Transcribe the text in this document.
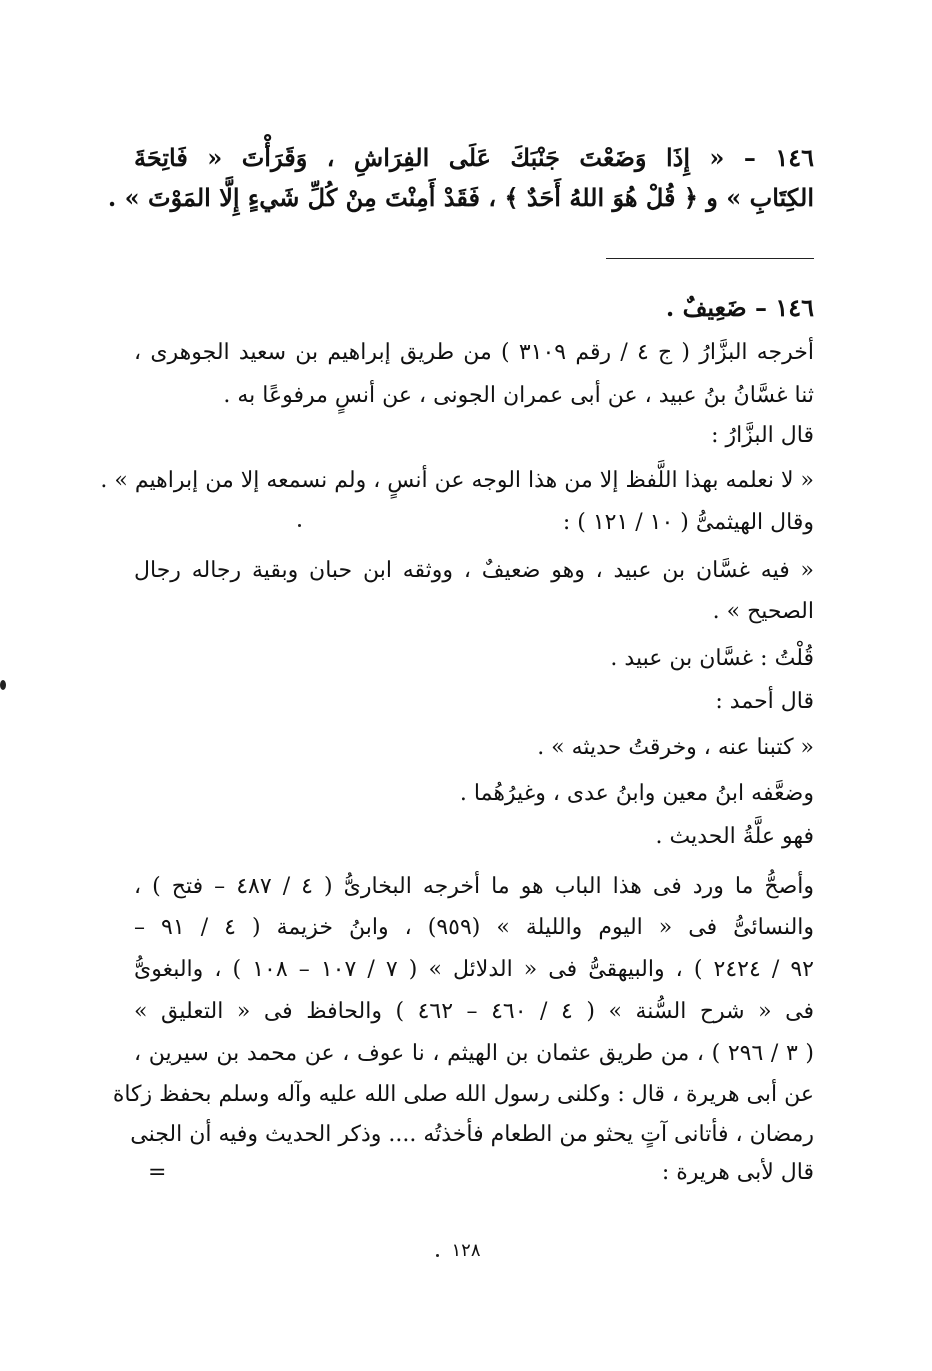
١٤٦ – « إِذَا وَضَعْتَ جَنْبَكَ عَلَى الفِرَاشِ ، وَقَرَأْتَ « فَاتِحَةَ
الكِتَابِ » و ﴿ قُلْ هُوَ اللهُ أَحَدٌ ﴾ ، فَقَدْ أَمِنْتَ مِنْ كُلِّ شَيءٍ إِلَّا المَوْتَ » .
١٤٦ – ضَعِيفٌ .
أخرجه البزَّارُ ( ج ٤ / رقم ٣١٠٩ ) من طريق إبراهيم بن سعيد الجوهرى ،
ثنا غسَّانُ بنُ عبيد ، عن أبى عمران الجونى ، عن أنسٍ مرفوعًا به .
قال البزَّارُ :
« لا نعلمه بهذا اللَّفظ إلا من هذا الوجه عن أنسٍ ، ولم نسمعه إلا من إبراهيم » .
وقال الهيثمىُّ ( ١٠ / ١٢١ ) :
« فيه غسَّان بن عبيد ، وهو ضعيفٌ ، ووثقه ابن حبان وبقية رجاله رجال
الصحيح » .
قُلْتُ : غسَّان بن عبيد .
قال أحمد :
« كتبنا عنه ، وخرقتُ حديثه » .
وضعَّفه ابنُ معين وابنُ عدى ، وغيرُهُما .
فهو علَّةُ الحديث .
وأصحُّ ما ورد فى هذا الباب هو ما أخرجه البخارىُّ ( ٤ / ٤٨٧ – فتح ) ،
والنسائىُّ فى « اليوم والليلة » (٩٥٩) ، وابنُ خزيمة ( ٤ / ٩١ –
٩٢ / ٢٤٢٤ ) ، والبيهقىُّ فى « الدلائل » ( ٧ / ١٠٧ – ١٠٨ ) ، والبغوىُّ
فى « شرح السُّنة » ( ٤ / ٤٦٠ – ٤٦٢ ) والحافظ فى « التعليق »
( ٣ / ٢٩٦ ) ، من طريق عثمان بن الهيثم ، نا عوف ، عن محمد بن سيرين ،
عن أبى هريرة ، قال : وكلنى رسول الله صلى الله عليه وآله وسلم بحفظ زكاة
رمضان ، فأتانى آتٍ يحثو من الطعام فأخذتُه .... وذكر الحديث وفيه أن الجنى
قال لأبى هريرة :
=
١٢٨
